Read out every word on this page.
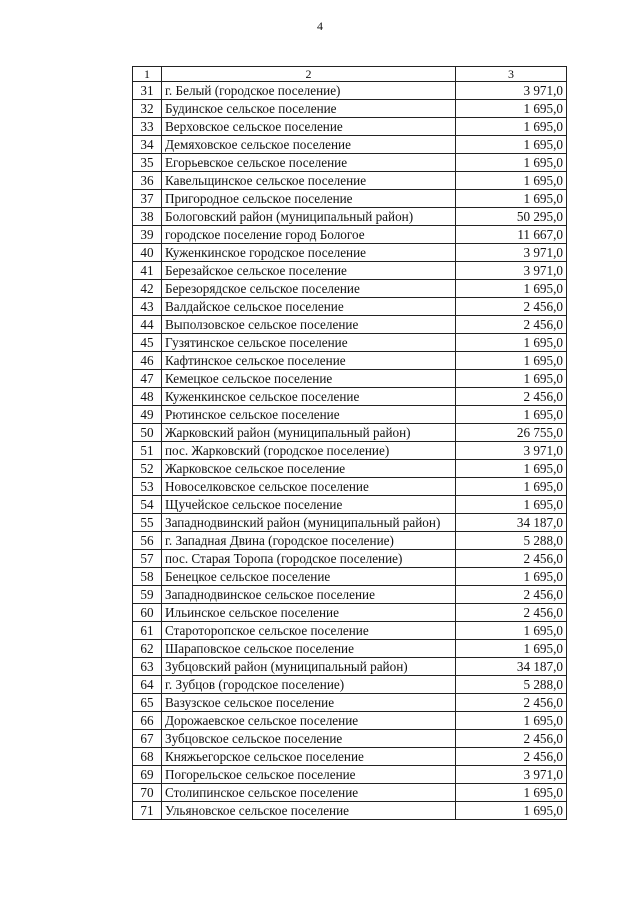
4
1	2	3
31	г. Белый (городское поселение)	3 971,0
32	Будинское сельское поселение	1 695,0
33	Верховское сельское поселение	1 695,0
34	Демяховское сельское поселение	1 695,0
35	Егорьевское сельское поселение	1 695,0
36	Кавельщинское сельское поселение	1 695,0
37	Пригородное сельское поселение	1 695,0
38	Бологовский район (муниципальный район)	50 295,0
39	городское поселение город Бологое	11 667,0
40	Куженкинское городское поселение	3 971,0
41	Березайское сельское поселение	3 971,0
42	Березорядское сельское поселение	1 695,0
43	Валдайское сельское поселение	2 456,0
44	Выползовское сельское поселение	2 456,0
45	Гузятинское сельское поселение	1 695,0
46	Кафтинское сельское поселение	1 695,0
47	Кемецкое сельское поселение	1 695,0
48	Куженкинское сельское поселение	2 456,0
49	Рютинское сельское поселение	1 695,0
50	Жарковский район (муниципальный район)	26 755,0
51	пос. Жарковский (городское поселение)	3 971,0
52	Жарковское сельское поселение	1 695,0
53	Новоселковское сельское поселение	1 695,0
54	Щучейское сельское поселение	1 695,0
55	Западнодвинский район (муниципальный район)	34 187,0
56	г. Западная Двина (городское поселение)	5 288,0
57	пос. Старая Торопа (городское поселение)	2 456,0
58	Бенецкое сельское поселение	1 695,0
59	Западнодвинское сельское поселение	2 456,0
60	Ильинское сельское поселение	2 456,0
61	Старотoропское сельское поселение	1 695,0
62	Шараповское сельское поселение	1 695,0
63	Зубцовский район (муниципальный район)	34 187,0
64	г. Зубцов (городское поселение)	5 288,0
65	Вазузское сельское поселение	2 456,0
66	Дорожаевское сельское поселение	1 695,0
67	Зубцовское сельское поселение	2 456,0
68	Княжьегорское сельское поселение	2 456,0
69	Погорельское сельское поселение	3 971,0
70	Столипинское сельское поселение	1 695,0
71	Ульяновское сельское поселение	1 695,0
